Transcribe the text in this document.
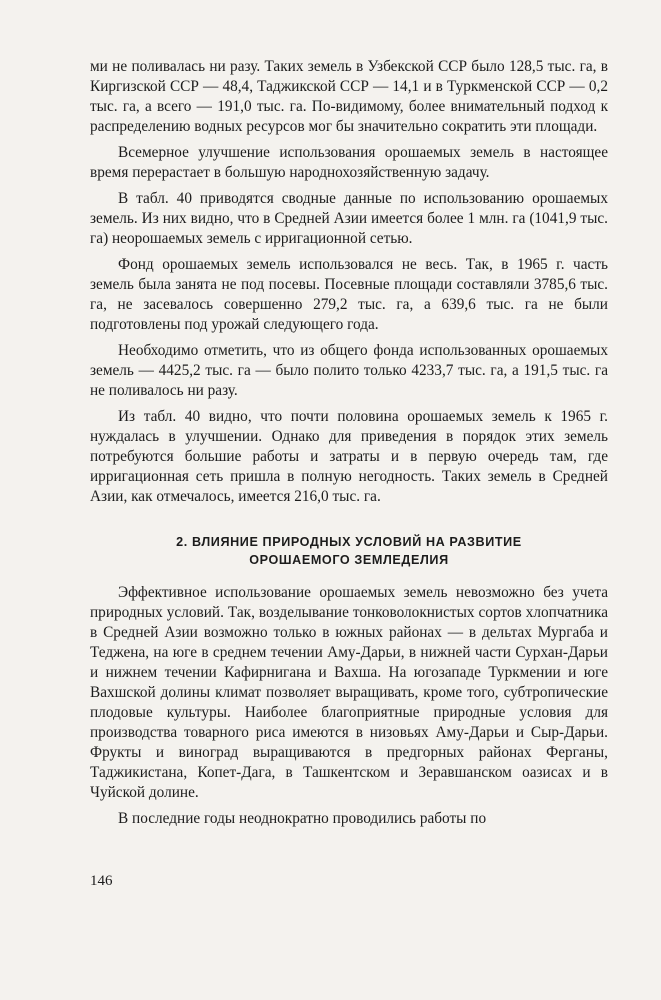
ми не поливалась ни разу. Таких земель в Узбекской ССР было 128,5 тыс. га, в Киргизской ССР — 48,4, Таджикской ССР — 14,1 и в Туркменской ССР — 0,2 тыс. га, а всего — 191,0 тыс. га. По-видимому, более внимательный подход к распределению водных ресурсов мог бы значительно сократить эти площади.

Всемерное улучшение использования орошаемых земель в настоящее время перерастает в большую народнохозяйственную задачу.

В табл. 40 приводятся сводные данные по использованию орошаемых земель. Из них видно, что в Средней Азии имеется более 1 млн. га (1041,9 тыс. га) неорошаемых земель с ирригационной сетью.

Фонд орошаемых земель использовался не весь. Так, в 1965 г. часть земель была занята не под посевы. Посевные площади составляли 3785,6 тыс. га, не засевалось совершенно 279,2 тыс. га, а 639,6 тыс. га не были подготовлены под урожай следующего года.

Необходимо отметить, что из общего фонда использованных орошаемых земель — 4425,2 тыс. га — было полито только 4233,7 тыс. га, а 191,5 тыс. га не поливалось ни разу.

Из табл. 40 видно, что почти половина орошаемых земель к 1965 г. нуждалась в улучшении. Однако для приведения в порядок этих земель потребуются большие работы и затраты и в первую очередь там, где ирригационная сеть пришла в полную негодность. Таких земель в Средней Азии, как отмечалось, имеется 216,0 тыс. га.

2. ВЛИЯНИЕ ПРИРОДНЫХ УСЛОВИЙ НА РАЗВИТИЕ
ОРОШАЕМОГО ЗЕМЛЕДЕЛИЯ

Эффективное использование орошаемых земель невозможно без учета природных условий. Так, возделывание тонковолокнистых сортов хлопчатника в Средней Азии возможно только в южных районах — в дельтах Мургаба и Теджена, на юге в среднем течении Аму-Дарьи, в нижней части Сурхан-Дарьи и нижнем течении Кафирнигана и Вахша. На югозападе Туркмении и юге Вахшской долины климат позволяет выращивать, кроме того, субтропические плодовые культуры. Наиболее благоприятные природные условия для производства товарного риса имеются в низовьях Аму-Дарьи и Сыр-Дарьи. Фрукты и виноград выращиваются в предгорных районах Ферганы, Таджикистана, Копет-Дага, в Ташкентском и Зеравшанском оазисах и в Чуйской долине.

В последние годы неоднократно проводились работы по

146
